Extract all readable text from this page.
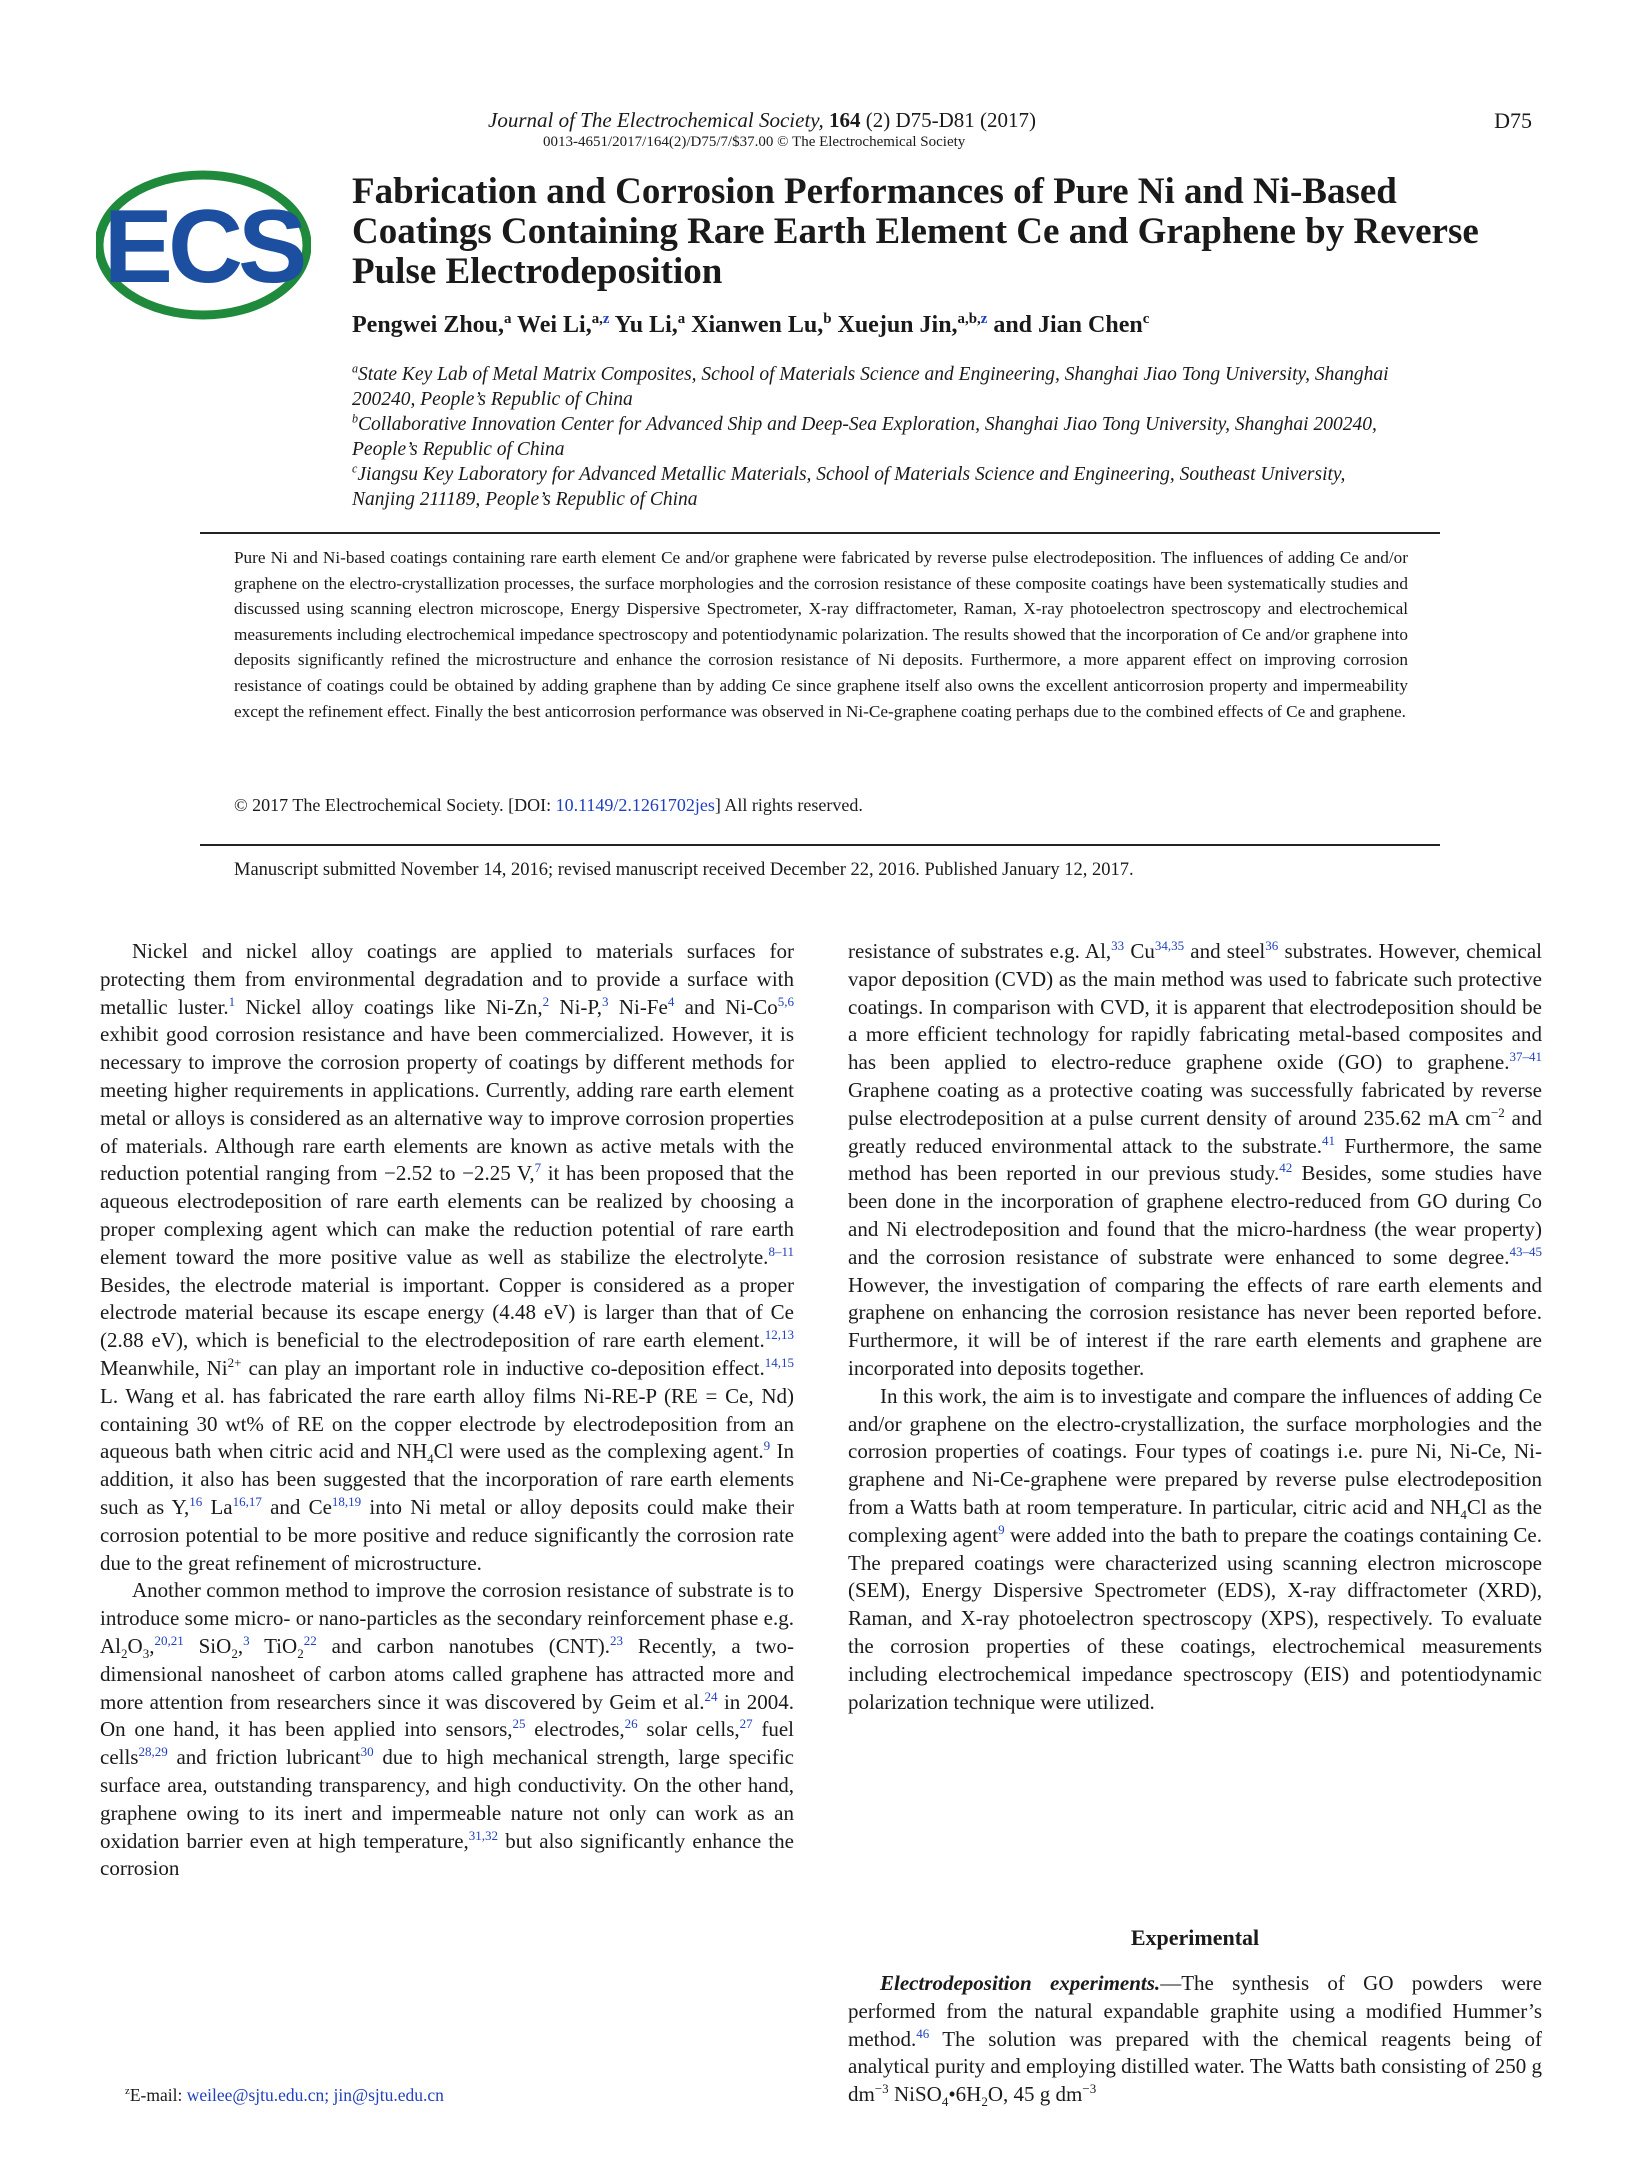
Journal of The Electrochemical Society, 164 (2) D75-D81 (2017)	D75
0013-4651/2017/164(2)/D75/7/$37.00 © The Electrochemical Society
ECS Fabrication and Corrosion Performances of Pure Ni and Ni-Based Coatings Containing Rare Earth Element Ce and Graphene by Reverse Pulse Electrodeposition
Pengwei Zhou,$^a$ Wei Li,$^{a,z}$ Yu Li,$^a$ Xianwen Lu,$^b$ Xuejun Jin,$^{a,b,z}$ and Jian Chen$^c$
$^a$State Key Lab of Metal Matrix Composites, School of Materials Science and Engineering, Shanghai Jiao Tong University, Shanghai 200240, People’s Republic of China
$^b$Collaborative Innovation Center for Advanced Ship and Deep-Sea Exploration, Shanghai Jiao Tong University, Shanghai 200240, People’s Republic of China
$^c$Jiangsu Key Laboratory for Advanced Metallic Materials, School of Materials Science and Engineering, Southeast University, Nanjing 211189, People’s Republic of China
Pure Ni and Ni-based coatings containing rare earth element Ce and/or graphene were fabricated by reverse pulse electrodeposition. The influences of adding Ce and/or graphene on the electro-crystallization processes, the surface morphologies and the corrosion resistance of these composite coatings have been systematically studies and discussed using scanning electron microscope, Energy Dispersive Spectrometer, X-ray diffractometer, Raman, X-ray photoelectron spectroscopy and electrochemical measurements including electrochemical impedance spectroscopy and potentiodynamic polarization. The results showed that the incorporation of Ce and/or graphene into deposits significantly refined the microstructure and enhance the corrosion resistance of Ni deposits. Furthermore, a more apparent effect on improving corrosion resistance of coatings could be obtained by adding graphene than by adding Ce since graphene itself also owns the excellent anticorrosion property and impermeability except the refinement effect. Finally the best anticorrosion performance was observed in Ni-Ce-graphene coating perhaps due to the combined effects of Ce and graphene.
© 2017 The Electrochemical Society. [DOI: 10.1149/2.1261702jes] All rights reserved.
Manuscript submitted November 14, 2016; revised manuscript received December 22, 2016. Published January 12, 2017.

Nickel and nickel alloy coatings are applied to materials surfaces for protecting them from environmental degradation and to provide a surface with metallic luster.$^1$ Nickel alloy coatings like Ni-Zn,$^2$ Ni-P,$^3$ Ni-Fe$^4$ and Ni-Co$^{5,6}$ exhibit good corrosion resistance and have been commercialized. However, it is necessary to improve the corrosion property of coatings by different methods for meeting higher requirements in applications. Currently, adding rare earth element metal or alloys is considered as an alternative way to improve corrosion properties of materials. Although rare earth elements are known as active metals with the reduction potential ranging from −2.52 to −2.25 V,$^7$ it has been proposed that the aqueous electrodeposition of rare earth elements can be realized by choosing a proper complexing agent which can make the reduction potential of rare earth element toward the more positive value as well as stabilize the electrolyte.$^{8-11}$ Besides, the electrode material is important. Copper is considered as a proper electrode material because its escape energy (4.48 eV) is larger than that of Ce (2.88 eV), which is beneficial to the electrodeposition of rare earth element.$^{12,13}$ Meanwhile, $Ni^{2+}$ can play an important role in inductive co-deposition effect.$^{14,15}$ L. Wang et al. has fabricated the rare earth alloy films Ni-RE-P (RE = Ce, Nd) containing 30 wt% of RE on the copper electrode by electrodeposition from an aqueous bath when citric acid and $NH_4Cl$ were used as the complexing agent.$^9$ In addition, it also has been suggested that the incorporation of rare earth elements such as Y,$^{16}$ La$^{16,17}$ and Ce$^{18,19}$ into Ni metal or alloy deposits could make their corrosion potential to be more positive and reduce significantly the corrosion rate due to the great refinement of microstructure.

Another common method to improve the corrosion resistance of substrate is to introduce some micro- or nano-particles as the secondary reinforcement phase e.g. $Al_2O_3,^{20,21}$ SiO$_2$,$^3$ TiO$_2^{22}$ and carbon nanotubes (CNT).$^{23}$ Recently, a two-dimensional nanosheet of carbon atoms called graphene has attracted more and more attention from researchers since it was discovered by Geim et al.$^{24}$ in 2004. On one hand, it has been applied into sensors,$^{25}$ electrodes,$^{26}$ solar cells,$^{27}$ fuel cells$^{28,29}$ and friction lubricant$^{30}$ due to high mechanical strength, large specific surface area, outstanding transparency, and high conductivity. On the other hand, graphene owing to its inert and impermeable nature not only can work as an oxidation barrier even at high temperature,$^{31,32}$ but also significantly enhance the corrosion

resistance of substrates e.g. Al,$^{33}$ Cu$^{34,35}$ and steel$^{36}$ substrates. However, chemical vapor deposition (CVD) as the main method was used to fabricate such protective coatings. In comparison with CVD, it is apparent that electrodeposition should be a more efficient technology for rapidly fabricating metal-based composites and has been applied to electro-reduce graphene oxide (GO) to graphene.$^{37-41}$ Graphene coating as a protective coating was successfully fabricated by reverse pulse electrodeposition at a pulse current density of around 235.62 mA $cm^{-2}$ and greatly reduced environmental attack to the substrate.$^{41}$ Furthermore, the same method has been reported in our previous study.$^{42}$ Besides, some studies have been done in the incorporation of graphene electro-reduced from GO during Co and Ni electrodeposition and found that the micro-hardness (the wear property) and the corrosion resistance of substrate were enhanced to some degree.$^{43-45}$ However, the investigation of comparing the effects of rare earth elements and graphene on enhancing the corrosion resistance has never been reported before. Furthermore, it will be of interest if the rare earth elements and graphene are incorporated into deposits together.

In this work, the aim is to investigate and compare the influences of adding Ce and/or graphene on the electro-crystallization, the surface morphologies and the corrosion properties of coatings. Four types of coatings i.e. pure Ni, Ni-Ce, Ni-graphene and Ni-Ce-graphene were prepared by reverse pulse electrodeposition from a Watts bath at room temperature. In particular, citric acid and $NH_4Cl$ as the complexing agent$^9$ were added into the bath to prepare the coatings containing Ce. The prepared coatings were characterized using scanning electron microscope (SEM), Energy Dispersive Spectrometer (EDS), X-ray diffractometer (XRD), Raman, and X-ray photoelectron spectroscopy (XPS), respectively. To evaluate the corrosion properties of these coatings, electrochemical measurements including electrochemical impedance spectroscopy (EIS) and potentiodynamic polarization technique were utilized.

Experimental

Electrodeposition experiments.—The synthesis of GO powders were performed from the natural expandable graphite using a modified Hummer’s method.$^{46}$ The solution was prepared with the chemical reagents being of analytical purity and employing distilled water. The Watts bath consisting of 250 g $dm^{-3}$ $NiSO_4•6H_2O$, 45 g $dm^{-3}$

$^z$E-mail: weilee@sjtu.edu.cn; jin@sjtu.edu.cn
